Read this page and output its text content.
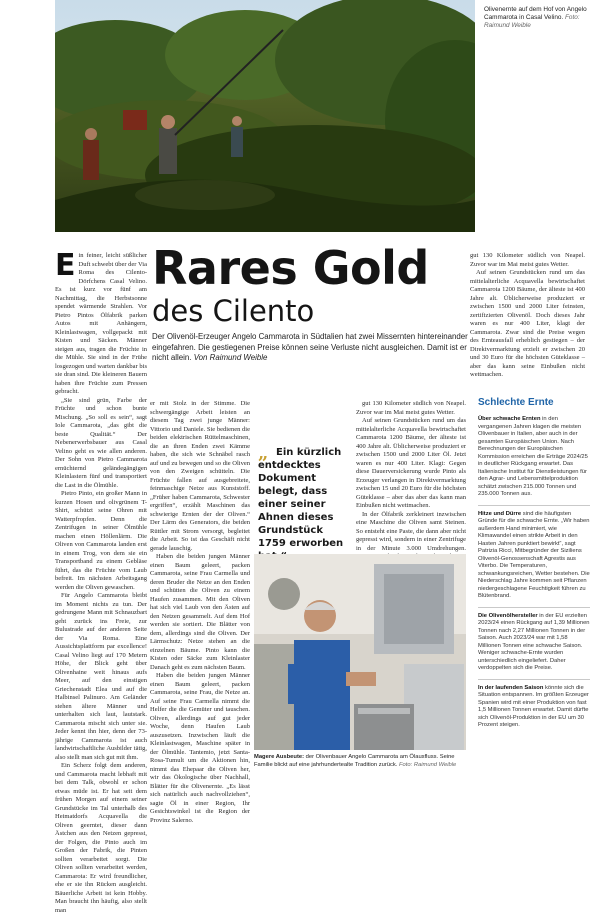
Olivenernte auf dem Hof von Angelo Cammarota in Casal Velino. Foto: Raimund Weible
E in feiner, leicht süßlicher Duft schwebt über der Via Roma des Cilento-Dörfchens Casal Velino. Es ist kurz vor fünf am Nachmittag, die Herbstsonne spendet wärmende Strahlen. Vor Pietro Pintos Ölfabrik parken Autos mit Anhängern, Kleinlastwagen, vollgepackt mit Kisten und Säcken. Männer steigen aus, tragen die Früchte in die Mühle. Sie sind in der Frühe losgezogen und warten dankbar bis sie dran sind. Die kleineren Bauern haben ihre Früchte zum Pressen gebracht.

„Sie sind grün, Farbe der Früchte und schon bunte Mischung. „So soll es sein“, sagt Iole Cammarota, „das gibt die beste Qualität.“ Der Nebenerwerbsbauer aus Casal Velino geht es wie allen anderen. Der Sohn von Pietro Cammarota ernüchternd geländegängigen Kleinlastern fünf und transportiert die Last in die Ölmühle.

Pietro Pinto, ein großer Mann in kurzen Hosen und olivgrünem T-Shirt, schützt seine Ohren mit Watterpfropfen. Denn die Zentrifugen in seiner Ölmühle machen einen Höllenlärm. Die Oliven von Cammarota landen erst in einem Trog, von dem sie ein Transportband zu einem Gebläse führt, das die Früchte vom Laub befreit. Im nächsten Arbeitsgang werden die Oliven gewaschen.

Für Angelo Cammarota bleibt im Moment nichts zu tun. Der gedrungene Mann mit Schnauzbart geht zurück ins Freie, zur Bulustrade auf der anderen Seite der Via Roma. Eine Aussichtsplattform par excellence! Casal Velino liegt auf 170 Metern Höhe, der Blick geht über Olivenhaine weit hinaus aufs Meer, auf den einstigen Griechenstadt Elea und auf die Halbinsel Palinuro. Am Geländer stehen ältere Männer und unterhalten sich laut, lautstark. Cammarota mischt sich unter sie. Jeder kennt ihn hier, denn der 73-jährige Cammarota ist auch landwirtschaftliche Ausbilder tätig, also stellt man sich gut mit ihm.

Ein Scherz folgt dem anderen, und Cammarota macht lebhaft mit bei dem Talk, obwohl er schon etwas müde ist. Er hat seit dem frühen Morgen auf einem seiner Grundstücke im Tal unterhalb des Heimatdorfs Acquavella die Oliven geerntet, dieser dann Ästchen aus den Netzen gepresst, der Folgen, die Pinto auch im Großen der Fabrik, die Pinten sollten verarbeitet sorgt. Die Oliven sollten verarbeitet werden, Cammarota: Er wird freundlicher, ehe er sie ihn Rücken ausgleicht. Bäuerliche Arbeit ist kein Hobby. Man braucht ihn häufig, also stellt man

Rares Gold
des Cilento
Der Olivenöl-Erzeuger Angelo Cammarota in Südtalien hat zwei Missernten hintereinander eingefahren. Die gestiegenen Preise können seine Verluste nicht ausgleichen. Damit ist er nicht allein. Von Raimund Weible

er mit Stolz in der Stimme. Die schwergängige Arbeit leisten an diesem Tag zwei junge Männer: Vittorio und Daniele. Sie bedienen die beiden elektrischen Rüttelmaschinen, die an ihren Enden zwei Kämme haben, die sich wie Schnäbel rasch auf und zu bewegen und so die Oliven von den Zweigen schütteln. Die Früchte fallen auf ausgebreitete, feinmaschige Netze aus Kunststoff. „Früher haben Cammarota, Schwester ergriffen“, erzählt Maschinen das schwierige Ernten der der Oliven.“ Der Lärm des Generators, die beiden Rüttler mit Strom versorgt, begleitet die Arbeit. So ist das Geschäft nicht gerade lauschig.

Haben die beiden jungen Männer einen Baum geleert, packen Cammarota, seine Frau Carmella und deren Bruder die Netze an den Enden und schütten die Oliven zu einem Haufen zusammen. Mit den Oliven hat sich viel Laub von den Ästen auf den Netzen gesammelt. Auf dem Hof werden sie sortiert. Die Blätter von dem, allerdings sind die Oliven. Der Lärmschutz: Netze stehen an die einzelnen Bäume. Pinto kann die Kisten oder Säcke zum Kleinlaster Danach geht es zum nächsten Baum.

Haben die beiden jungen Männer einen Baum geleert, packen Cammarota, seine Frau, die Netze an. Auf seine Frau Carmella nimmt die Helfer die die Gemüter und tauschen. Oliven, allerdings auf gut jeder Woche, denn Haufen Laub auszusetzen. Inzwischen läuft die Kleinlastwagen, Maschine später in der Ölmühle. Tantemio, jetzt Santa-Rosa-Tumult um die Aktionen hin, nimmt das Ehepaar die Oliven her, wir das Ökologische über Nachhall, Blätter für die Olivenernte. „Es lässt sich natürlich auch nachvollziehen“, sagte Öl in einer Region, Ihr Gesichtswinkel ist die Region der Provinz Salerno.

„ Ein kürzlich entdecktes Dokument belegt, dass einer seiner Ahnen dieses Grundstück 1759 erworben

gut 130 Kilometer südlich von Neapel. Zuvor war im Mai meist gutes Wetter.

Auf seinen Grundstücken rund um das mittelalterliche Acquavella bewirtschaftet Cammarota 1200 Bäume, der älteste ist 400 Jahre alt. Üblicherweise produziert er zwischen 1500 und 2000 Liter Öl. Jetzt waren es nur 400 Liter. Klagt: Gegen diese Dauerversickerung wurde Pinto als Erzeuger verlangen in Direktvermarktung zwischen 15 und 20 Euro für die höchsten Güteklasse – aber das aber das kann man Einbußen nicht wettmachen.

In der Ölfabrik zerkleinert inzwischen eine Maschine die Oliven samt Steinen. So entsteht eine Paste, die dann aber nicht gepresst wird, sondern in einer Zentrifuge in der Minute 3.000 Umdrehungen.

gut 130 Kilometer südlich von Neapel. Zuvor war im Mai meist gutes Wetter.

Auf seinen Grundstücken rund um das mittelalterliche Acquavella bewirtschaftet Cammarota 1200 Bäume, der älteste ist 400 Jahre alt. Üblicherweise produziert er zwischen 1500 und 2000 Liter feinsten, zertifizierten Olivenöl. Doch dieses Jahr waren es nur 400 Liter, klagt der Cammarota. Zwar sind die Preise wegen des Ernteausfall erheblich gestiegen – der Direktvermarktung erzielt er zwischen 20 und 30 Euro für die höchsten Güteklasse – aber das kann seine Einbußen nicht wettmachen.

Magere Ausbeute: der Olivenbauer Angelo Cammarota am Ölausfluss. Seine Familie blickt auf eine jahrhundertealte Tradition zurück. Foto: Raimund Weible
Schlechte Ernte
Über schwache Ernten in den vergangenen Jahren klagen die meisten Olivenbauer in Italien, aber auch in der gesamten Europäischen Union. Nach Berechnungen der Europäischen Kommission erreichen die Erträge 2024/25 in deutlicher Rückgang erwartet. Das Italienische Institut für Dienstleistungen für den Agrar- und Lebensmittelproduktion schätzt zwischen 215.000 Tonnen und 235.000 Tonnen aus.
Hitze und Dürre sind die häufigsten Gründe für die schwache Ernte. „Wir haben außerdem Hand minimiert, wie Klimawandel einen strikte Arbeit in den Hasten Jahren punktiert bewirkt“, sagt Patrizia Ricci, Mitbegründer der Siziliens Olivenöl-Genossenschaft Agrestis aus Viterbo. Die Temperaturen, schwankungsreichen, Wetter bestehen. Die Niederschlag Jahre kommen seit Pflanzen niedergeschlagene Feuchtigkeit führen zu Blütenbrand.
Die Olivenölhersteller in der EU erzielten 2023/24 einen Rückgang auf 1,39 Millionen Tonnen nach 2,27 Millionen Tonnen in der Saison. Auch 2023/24 war mit 1,58 Millionen Tonnen eine schwache Saison. Weniger schwache-Ernte wurden unterschiedlich eingeliefert. Daher verdoppelten sich die Preise.
In der laufenden Saison könnte sich die Situation entspannen. Im größten Erzeuger Spanien wird mit einer Produktion von fast 1,5 Millionen Tonnen erwartet. Damit dürfte sich Olivenöl-Produktion in der EU um 30 Prozent steigen.
